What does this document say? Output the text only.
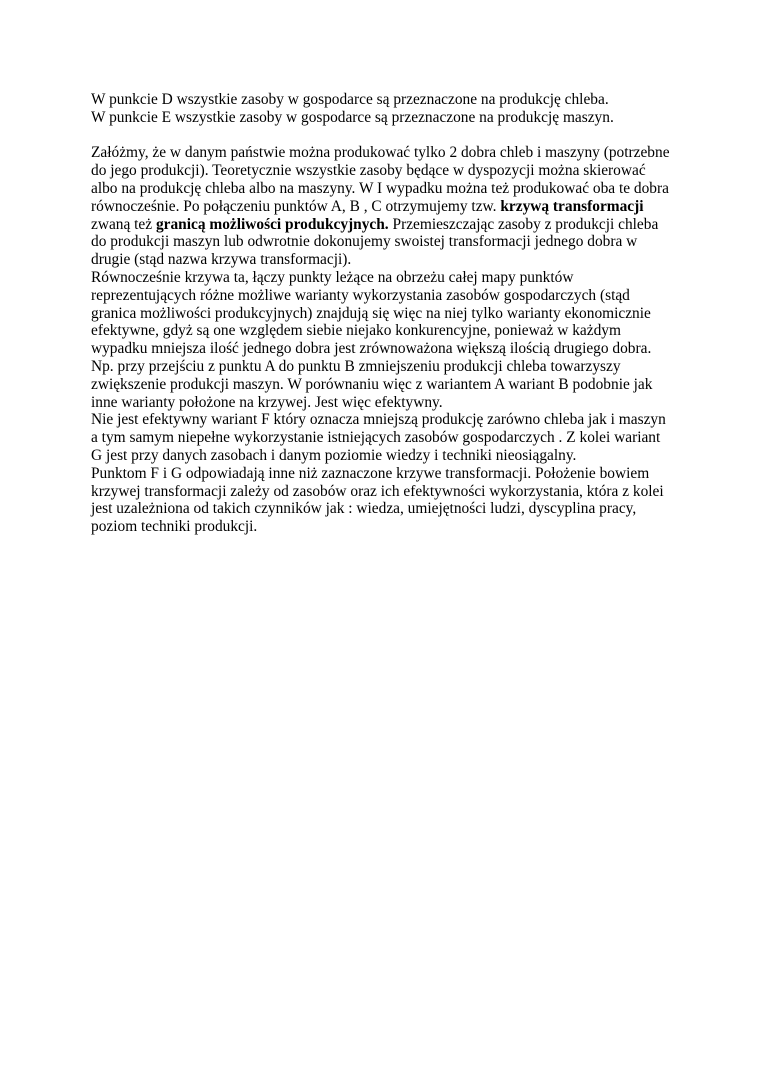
W punkcie D wszystkie zasoby w gospodarce są przeznaczone na produkcję chleba.
W punkcie E wszystkie zasoby w gospodarce są przeznaczone na produkcję maszyn.
Załóżmy, że w danym państwie można produkować tylko 2 dobra chleb i maszyny (potrzebne
do jego produkcji). Teoretycznie wszystkie zasoby będące w dyspozycji można skierować
albo na produkcję chleba albo na maszyny. W I wypadku można też produkować oba te dobra
równocześnie. Po połączeniu punktów A, B , C otrzymujemy tzw. krzywą transformacji
zwaną też granicą możliwości produkcyjnych. Przemieszczając zasoby z produkcji chleba
do produkcji maszyn lub odwrotnie dokonujemy swoistej transformacji jednego dobra w
drugie (stąd nazwa krzywa transformacji).
Równocześnie krzywa ta, łączy punkty leżące na obrzeżu całej mapy punktów
reprezentujących różne możliwe warianty wykorzystania zasobów gospodarczych (stąd
granica możliwości produkcyjnych) znajdują się więc na niej tylko warianty ekonomicznie
efektywne, gdyż są one względem siebie niejako konkurencyjne, ponieważ w każdym
wypadku mniejsza ilość jednego dobra jest zrównoważona większą ilością drugiego dobra.
Np. przy przejściu z punktu A do punktu B zmniejszeniu produkcji chleba towarzyszy
zwiększenie produkcji maszyn. W porównaniu więc z wariantem A wariant B podobnie jak
inne warianty położone na krzywej. Jest więc efektywny.
Nie jest efektywny wariant F który oznacza mniejszą produkcję zarówno chleba jak i maszyn
a tym samym niepełne wykorzystanie istniejących zasobów gospodarczych . Z kolei wariant
G jest przy danych zasobach i danym poziomie wiedzy i techniki nieosiągalny.
Punktom F i G odpowiadają inne niż zaznaczone krzywe transformacji. Położenie bowiem
krzywej transformacji zależy od zasobów oraz ich efektywności wykorzystania, która z kolei
jest uzależniona od takich czynników jak : wiedza, umiejętności ludzi, dyscyplina pracy,
poziom techniki produkcji.
